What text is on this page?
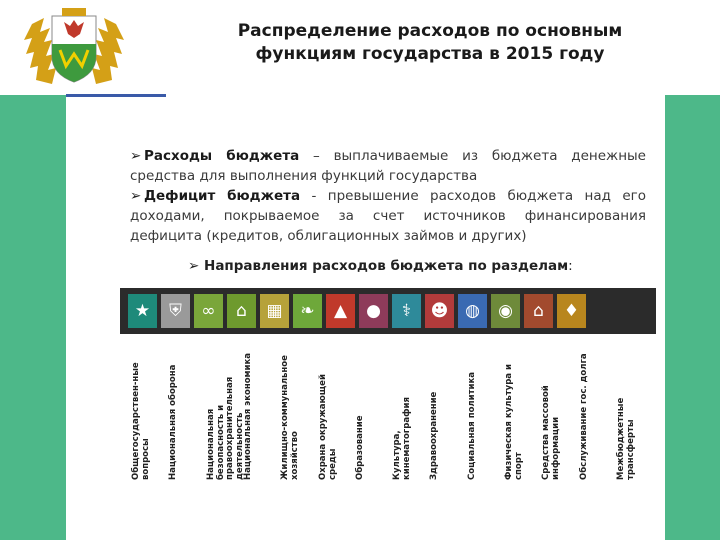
Распределение расходов по основным функциям государства в 2015 году

➢ Расходы бюджета – выплачиваемые из бюджета денежные средства для выполнения функций государства

➢ Дефицит бюджета - превышение расходов бюджета над его доходами, покрываемое за счет источников финансирования дефицита (кредитов, облигационных займов и других)

➢ Направления расходов бюджета по разделам:
★ ⛨ ∞ ⌂ ▦ ❧ ▲ ● ⚕ ☻ ◍ ◉ ⌂ ♦
Общегосударствен-ные вопросы Национальная оборона	Национальная безопасность и правоохранительная деятельность
Национальная экономика	Жилищно-коммунальное хозяйство Охрана окружающей среды Образование	Культура, кинематография Здравоохранение	Социальная политика	Физическая культура и спорт Средства массовой информации Обслуживание гос. долга	Межбюджетные трансферты
